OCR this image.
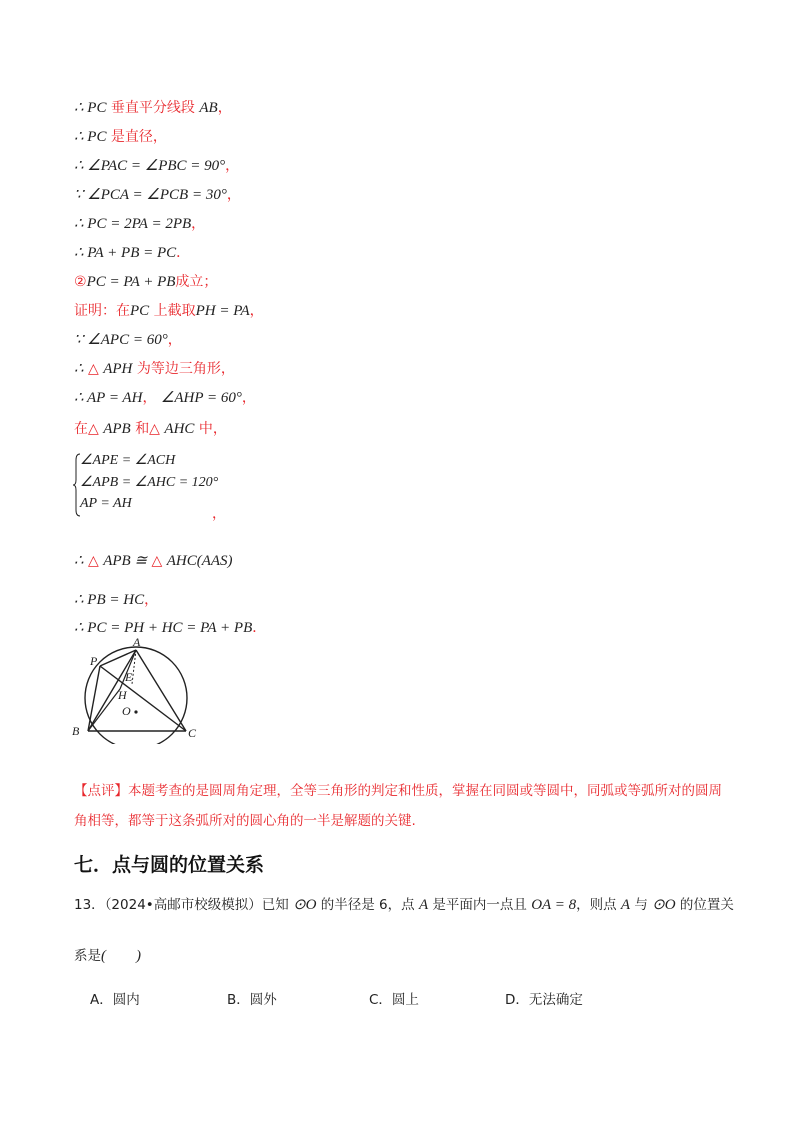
∴ PC 垂直平分线段 AB，
∴ PC 是直径，
∴ ∠PAC = ∠PBC = 90°，
∵ ∠PCA = ∠PCB = 30°，
∴ PC = 2PA = 2PB，
∴ PA + PB = PC．
②PC = PA + PB成立；
证明：在PC 上截取PH = PA，
∵ ∠APC = 60°，
∴ △ APH 为等边三角形，
∴ AP = AH， ∠AHP = 60°，
在△ APB 和△ AHC 中，
∠APE = ∠ACH
∠APB = ∠AHC = 120°
AP = AH
，
∴ △ APB ≅ △ AHC(AAS)
∴ PB = HC，
∴ PC = PH + HC = PA + PB．
P
A
E
H
O
B	C
【点评】本题考查的是圆周角定理，全等三角形的判定和性质，掌握在同圆或等圆中，同弧或等弧所对的圆周角相等，都等于这条弧所对的圆心角的一半是解题的关键.
七．点与圆的位置关系
13．（2024•高邮市校级模拟）已知 ⊙O 的半径是 6，点 A 是平面内一点且 OA = 8，则点 A 与 ⊙O 的位置关
系是(　　)
A．圆内	B．圆外	C．圆上	D．无法确定
